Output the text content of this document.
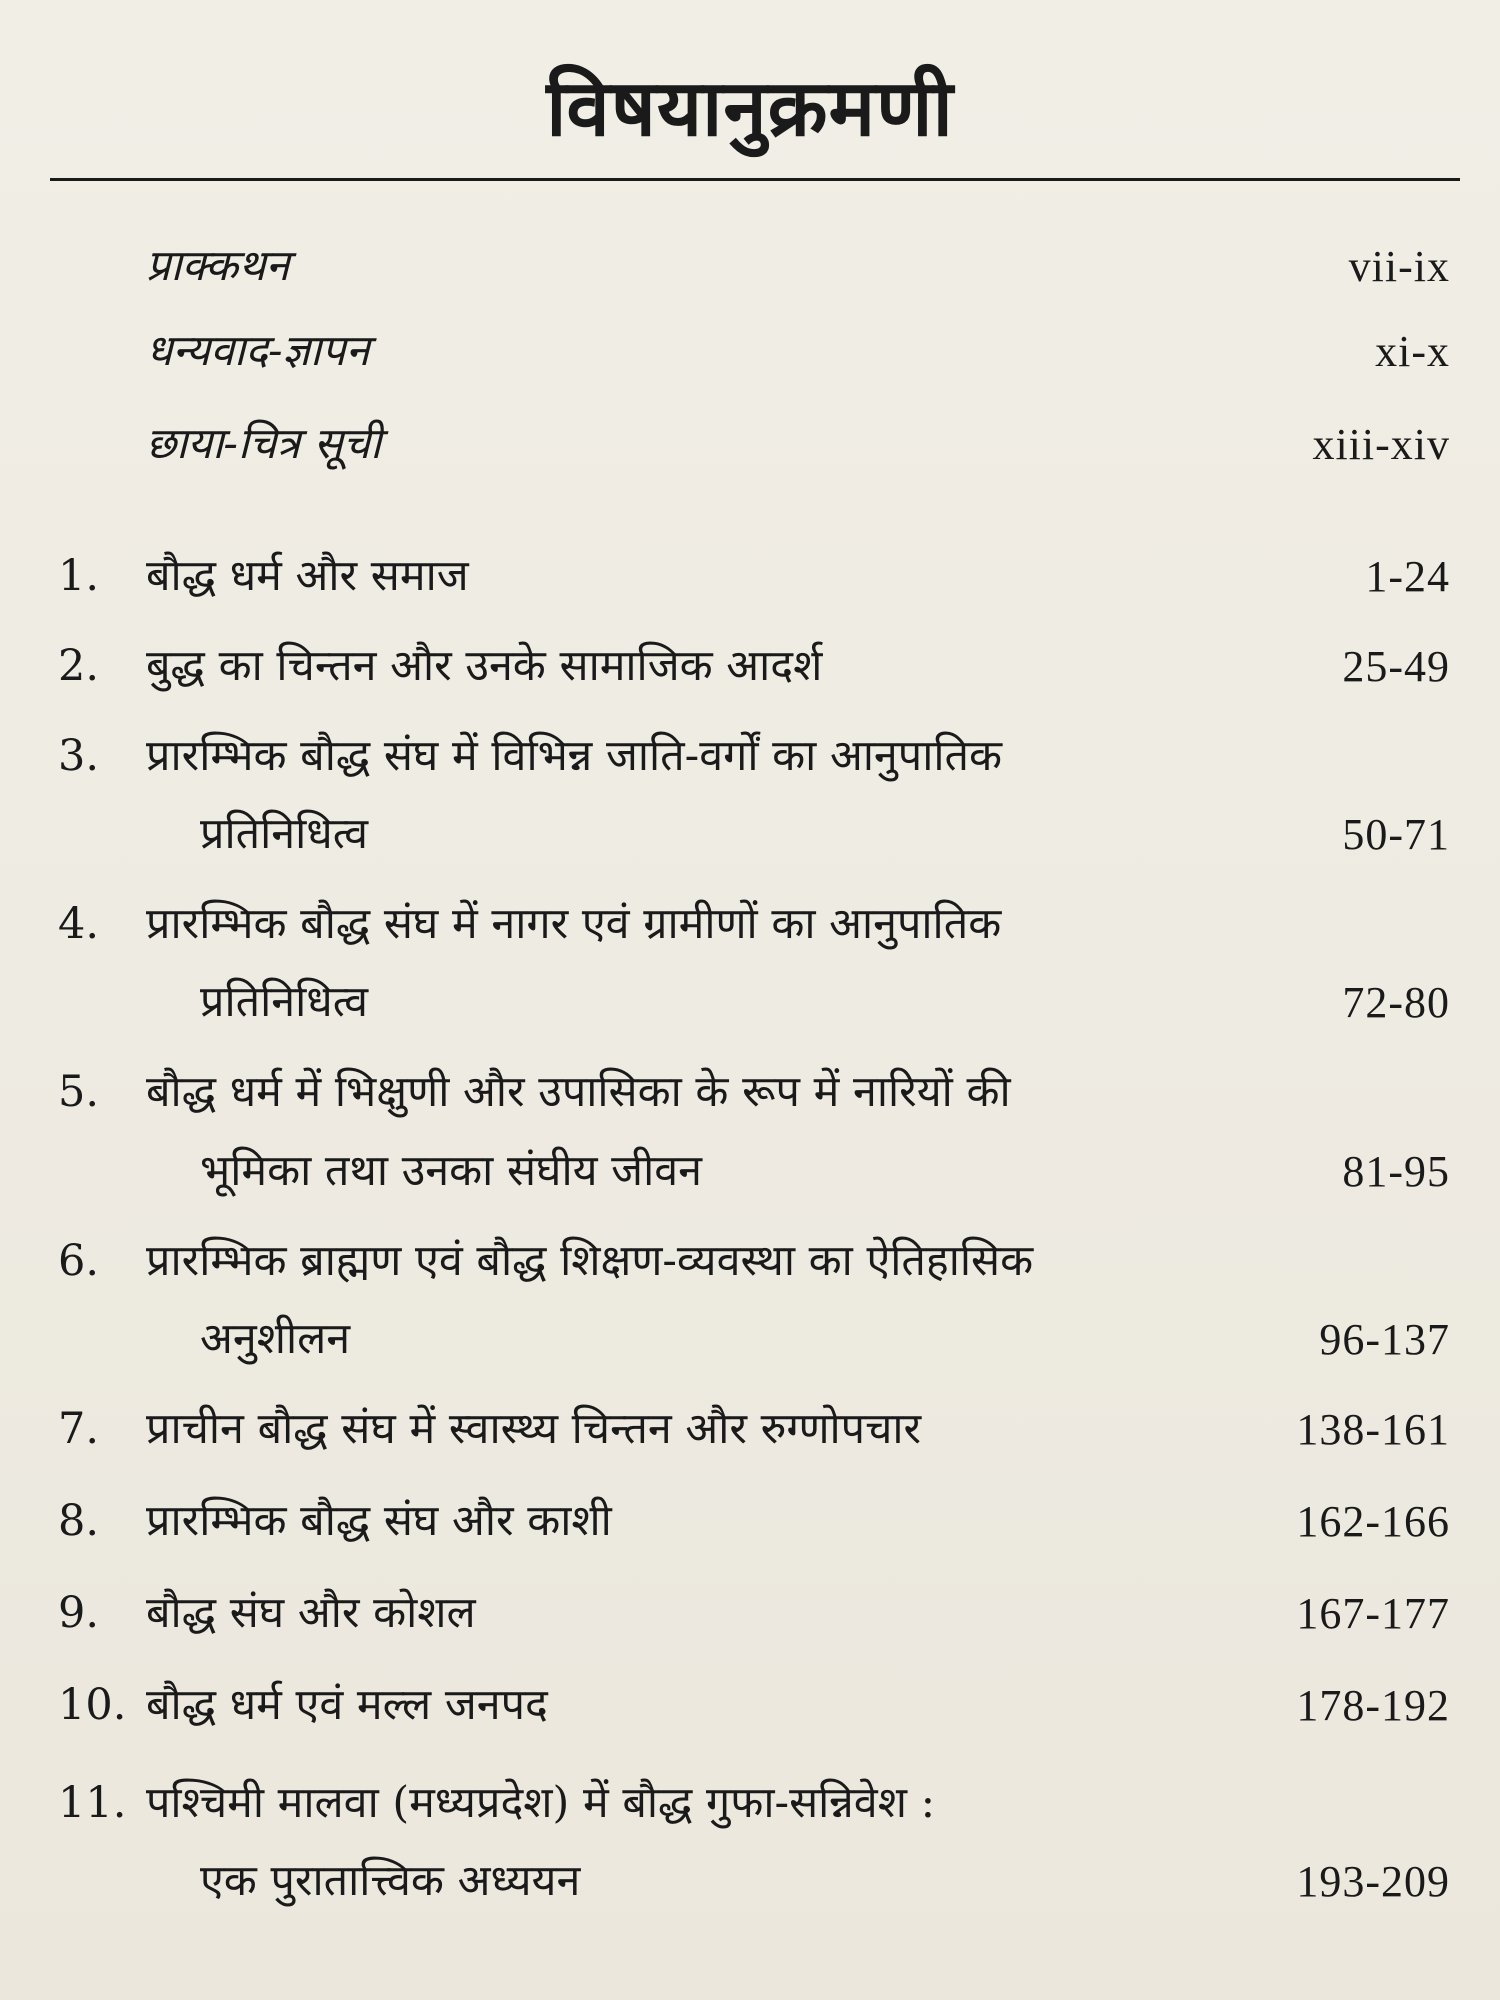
विषयानुक्रमणी
प्राक्कथन	vii-ix
धन्यवाद-ज्ञापन	xi-x
छाया-चित्र सूची	xiii-xiv
1. बौद्ध धर्म और समाज	1-24
2. बुद्ध का चिन्तन और उनके सामाजिक आदर्श	25-49
3. प्रारम्भिक बौद्ध संघ में विभिन्न जाति-वर्गों का आनुपातिक
प्रतिनिधित्व	50-71
4. प्रारम्भिक बौद्ध संघ में नागर एवं ग्रामीणों का आनुपातिक
प्रतिनिधित्व	72-80
5. बौद्ध धर्म में भिक्षुणी और उपासिका के रूप में नारियों की
भूमिका तथा उनका संघीय जीवन	81-95
6. प्रारम्भिक ब्राह्मण एवं बौद्ध शिक्षण-व्यवस्था का ऐतिहासिक
अनुशीलन	96-137
7. प्राचीन बौद्ध संघ में स्वास्थ्य चिन्तन और रुग्णोपचार	138-161
8. प्रारम्भिक बौद्ध संघ और काशी	162-166
9. बौद्ध संघ और कोशल	167-177
10. बौद्ध धर्म एवं मल्ल जनपद	178-192
11. पश्चिमी मालवा (मध्यप्रदेश) में बौद्ध गुफा-सन्निवेश :
एक पुरातात्त्विक अध्ययन	193-209
